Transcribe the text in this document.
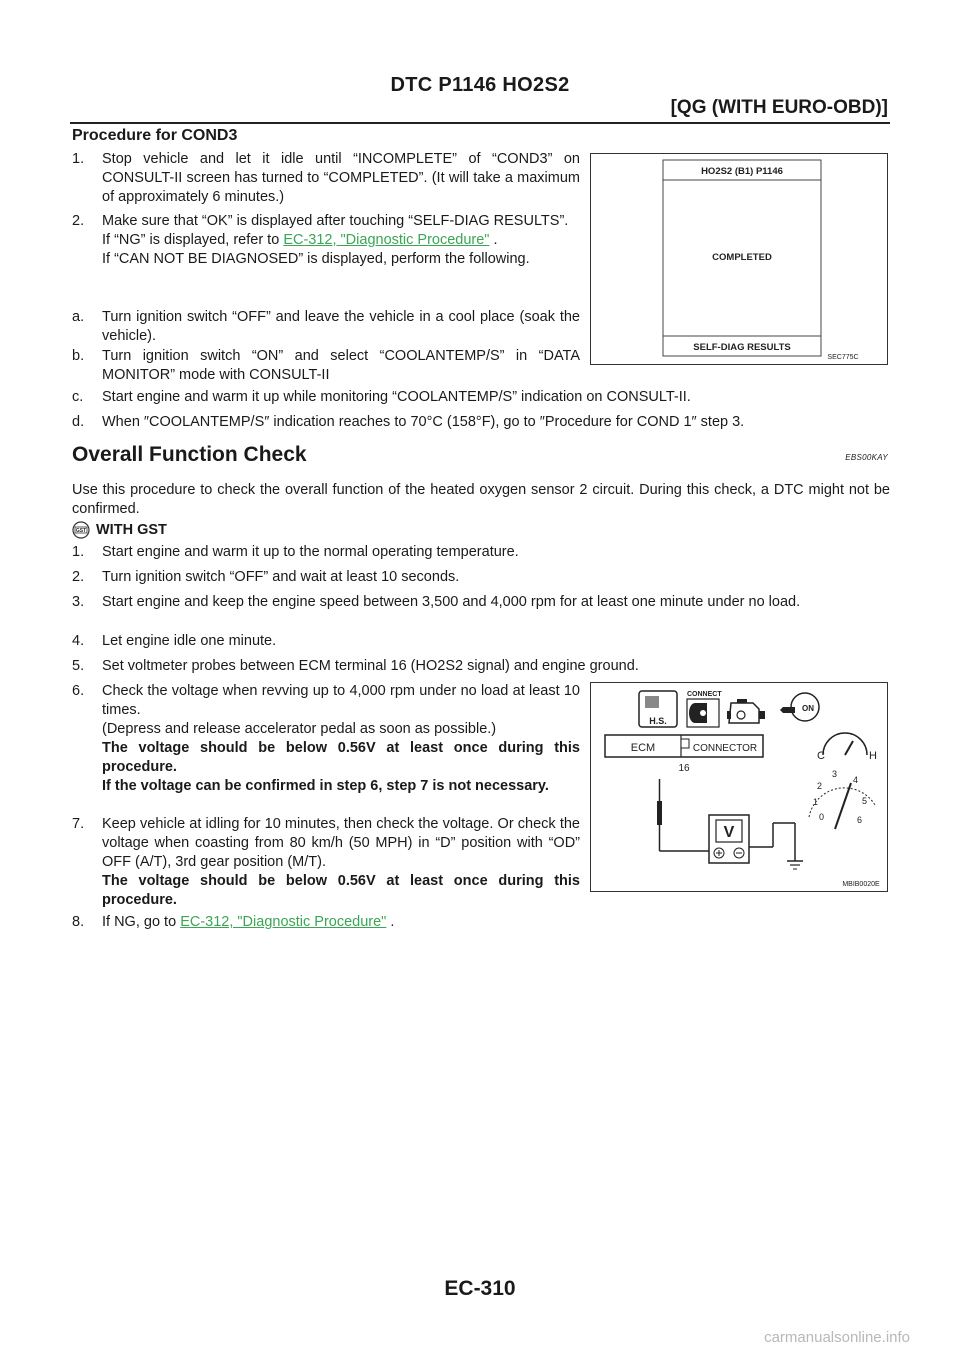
DTC P1146 HO2S2
[QG (WITH EURO-OBD)]
Procedure for COND3
1. Stop vehicle and let it idle until “INCOMPLETE” of “COND3” on CONSULT-II screen has turned to “COMPLETED”. (It will take a maximum of approximately 6 minutes.)
2. Make sure that “OK” is displayed after touching “SELF-DIAG RESULTS”.
If “NG” is displayed, refer to EC-312, "Diagnostic Procedure" .
If “CAN NOT BE DIAGNOSED” is displayed, perform the following.
a. Turn ignition switch “OFF” and leave the vehicle in a cool place (soak the vehicle).
b. Turn ignition switch “ON” and select “COOLANTEMP/S” in “DATA MONITOR” mode with CONSULT-II
c. Start engine and warm it up while monitoring “COOLANTEMP/S” indication on CONSULT-II.
d. When ″COOLANTEMP/S″ indication reaches to 70°C (158°F), go to ″Procedure for COND 1″ step 3.
HO2S2 (B1) P1146
COMPLETED
SELF-DIAG RESULTS
SEC775C
Overall Function Check	EBS00KAY
Use this procedure to check the overall function of the heated oxygen sensor 2 circuit. During this check, a DTC might not be confirmed.
GST WITH GST
1. Start engine and warm it up to the normal operating temperature.
2. Turn ignition switch “OFF” and wait at least 10 seconds.
3. Start engine and keep the engine speed between 3,500 and 4,000 rpm for at least one minute under no load.
4. Let engine idle one minute.
5. Set voltmeter probes between ECM terminal 16 (HO2S2 signal) and engine ground.
6. Check the voltage when revving up to 4,000 rpm under no load at least 10 times.
(Depress and release accelerator pedal as soon as possible.)
The voltage should be below 0.56V at least once during this procedure.
If the voltage can be confirmed in step 6, step 7 is not necessary.
7. Keep vehicle at idling for 10 minutes, then check the voltage. Or check the voltage when coasting from 80 km/h (50 MPH) in “D” position with “OD” OFF (A/T), 3rd gear position (M/T).
The voltage should be below 0.56V at least once during this procedure.
8. If NG, go to EC-312, "Diagnostic Procedure" .
H.S.
CONNECT
ON
ECM	CONNECTOR
16
V
C	H
0
1
2
3
4
5
6
MBIB0020E
EC-310
carmanualsonline.info
